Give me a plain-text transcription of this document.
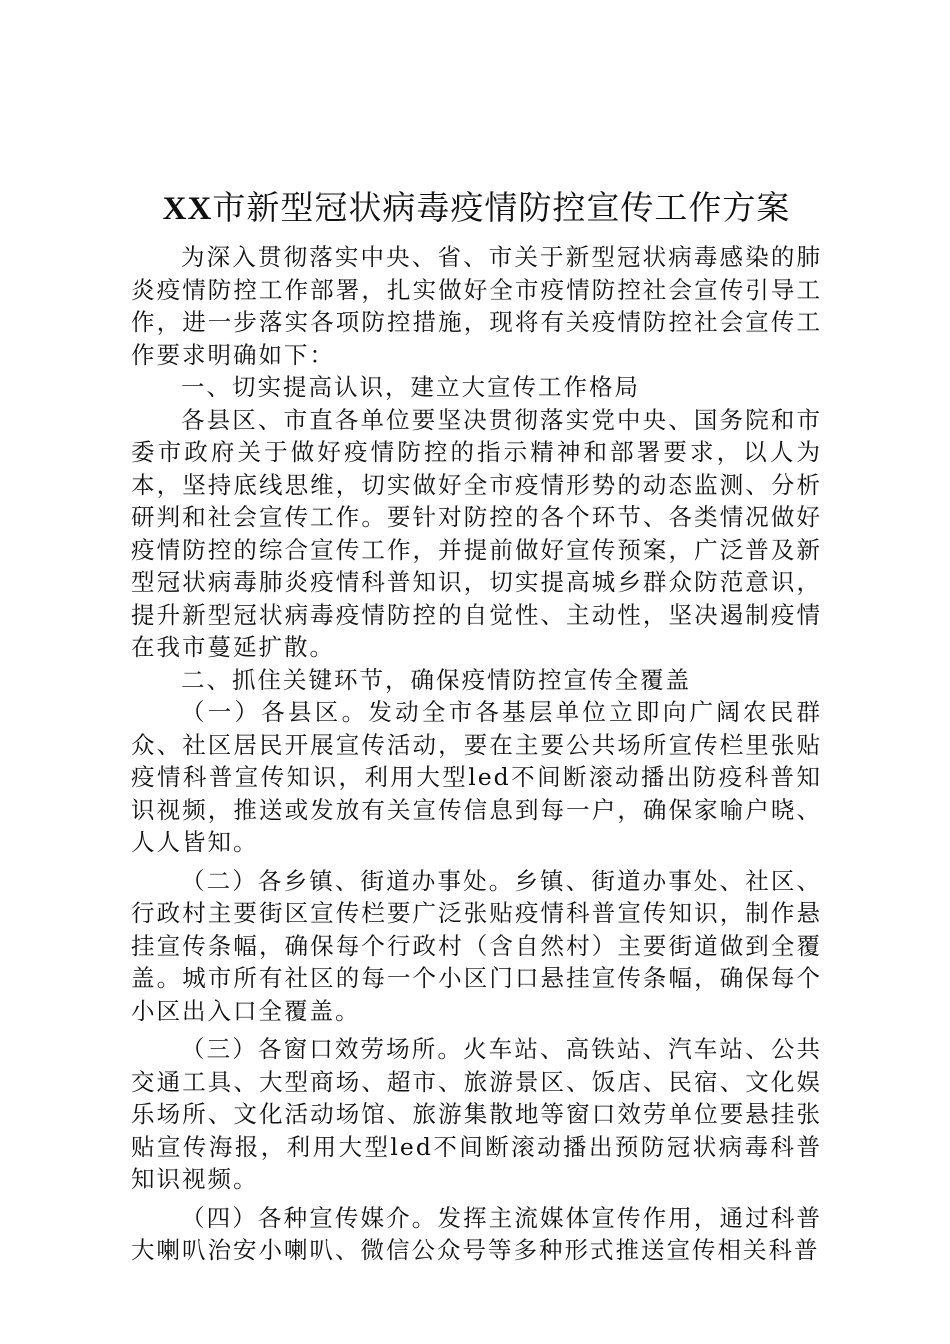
XX市新型冠状病毒疫情防控宣传工作方案

为深入贯彻落实中央、省、市关于新型冠状病毒感染的肺炎疫情防控工作部署，扎实做好全市疫情防控社会宣传引导工作，进一步落实各项防控措施，现将有关疫情防控社会宣传工作要求明确如下：

一、切实提高认识，建立大宣传工作格局

各县区、市直各单位要坚决贯彻落实党中央、国务院和市委市政府关于做好疫情防控的指示精神和部署要求，以人为本，坚持底线思维，切实做好全市疫情形势的动态监测、分析研判和社会宣传工作。要针对防控的各个环节、各类情况做好疫情防控的综合宣传工作，并提前做好宣传预案，广泛普及新型冠状病毒肺炎疫情科普知识，切实提高城乡群众防范意识，提升新型冠状病毒疫情防控的自觉性、主动性，坚决遏制疫情在我市蔓延扩散。

二、抓住关键环节，确保疫情防控宣传全覆盖

（一）各县区。发动全市各基层单位立即向广阔农民群众、社区居民开展宣传活动，要在主要公共场所宣传栏里张贴疫情科普宣传知识，利用大型led不间断滚动播出防疫科普知识视频，推送或发放有关宣传信息到每一户，确保家喻户晓、人人皆知。

（二）各乡镇、街道办事处。乡镇、街道办事处、社区、行政村主要街区宣传栏要广泛张贴疫情科普宣传知识，制作悬挂宣传条幅，确保每个行政村（含自然村）主要街道做到全覆盖。城市所有社区的每一个小区门口悬挂宣传条幅，确保每个小区出入口全覆盖。

（三）各窗口效劳场所。火车站、高铁站、汽车站、公共交通工具、大型商场、超市、旅游景区、饭店、民宿、文化娱乐场所、文化活动场馆、旅游集散地等窗口效劳单位要悬挂张贴宣传海报，利用大型led不间断滚动播出预防冠状病毒科普知识视频。

（四）各种宣传媒介。发挥主流媒体宣传作用，通过科普大喇叭治安小喇叭、微信公众号等多种形式推送宣传相关科普
